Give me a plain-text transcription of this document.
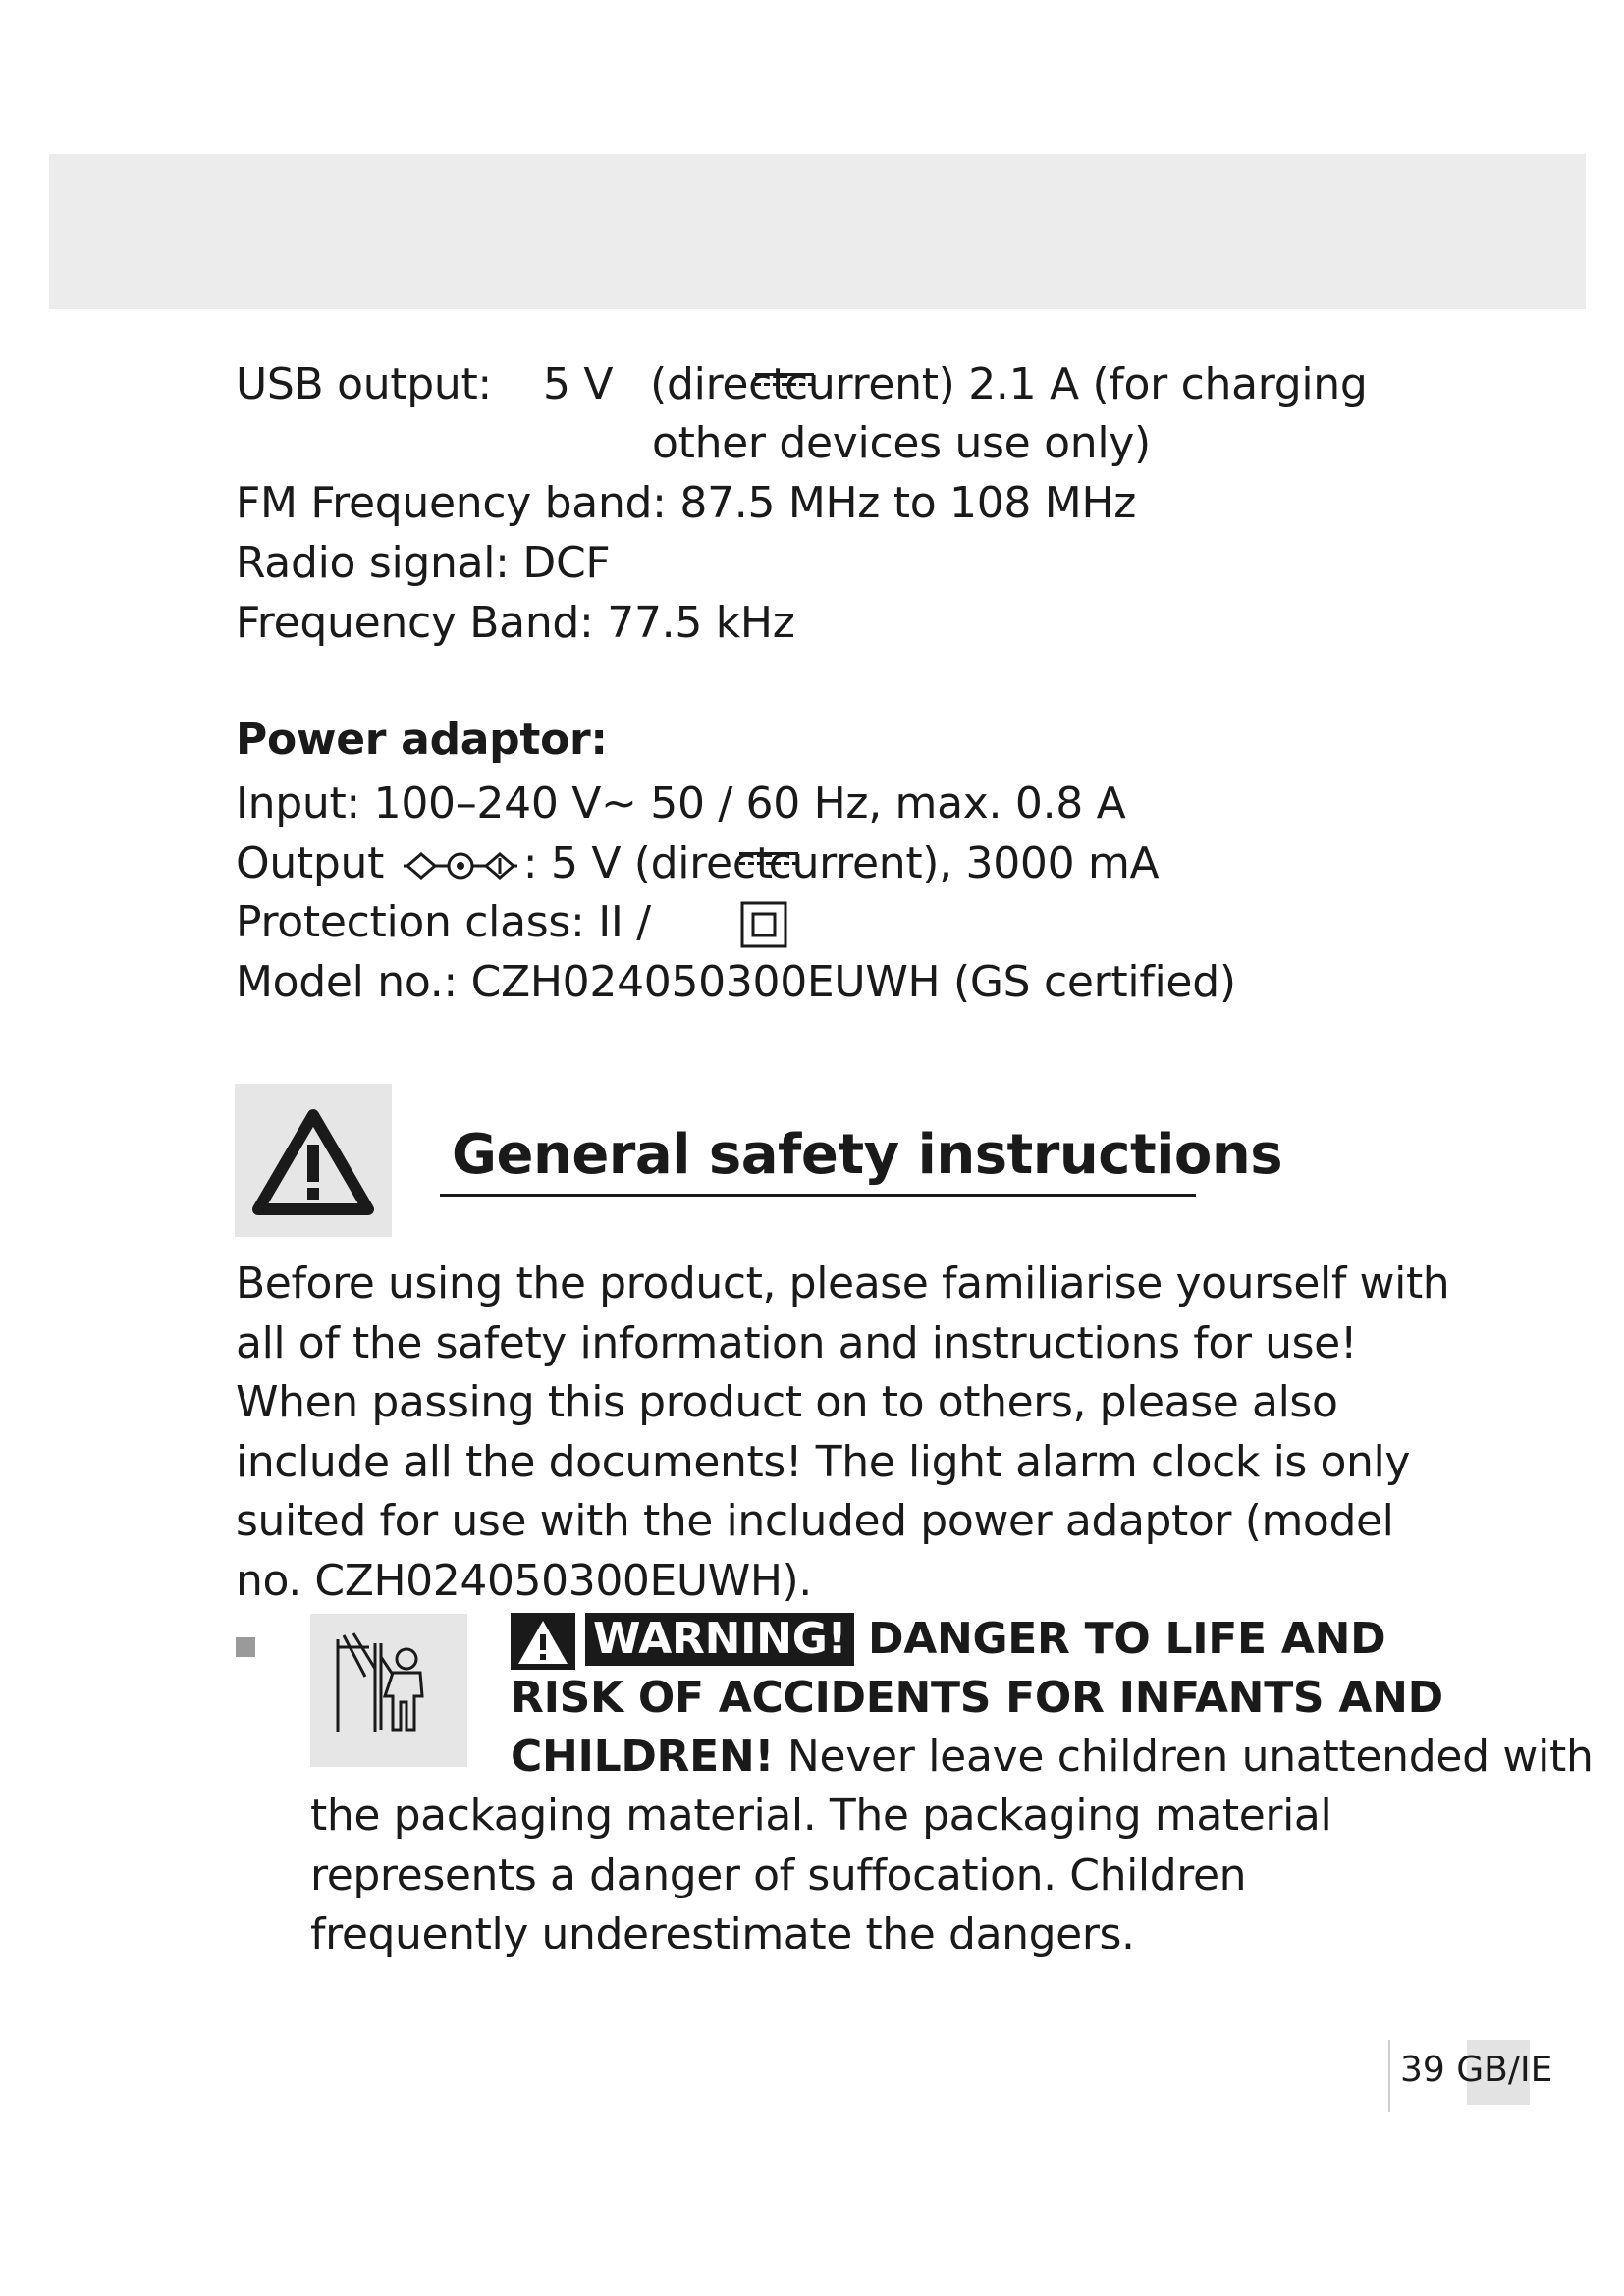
USB output: 5 V (directcurrent) 2.1 A (for charging
other devices use only)
FM Frequency band: 87.5 MHz to 108 MHz
Radio signal: DCF
Frequency Band: 77.5 kHz
Power adaptor:
Input: 100–240 V~ 50 / 60 Hz, max. 0.8 A
Output	: 5 V (directcurrent), 3000 mA
Protection class: II /
Model no.: CZH024050300EUWH (GS certified)
General safety instructions
Before using the product, please familiarise yourself with all of the safety information and instructions for use! When passing this product on to others, please also include all the documents! The light alarm clock is only suited for use with the included power adaptor (model no. CZH024050300EUWH).
WARNING! DANGER TO LIFE AND
RISK OF ACCIDENTS FOR INFANTS AND
CHILDREN! Never leave children unattended with
the packaging material. The packaging material represents a danger of suffocation. Children frequently underestimate the dangers.
39 GB/IE
